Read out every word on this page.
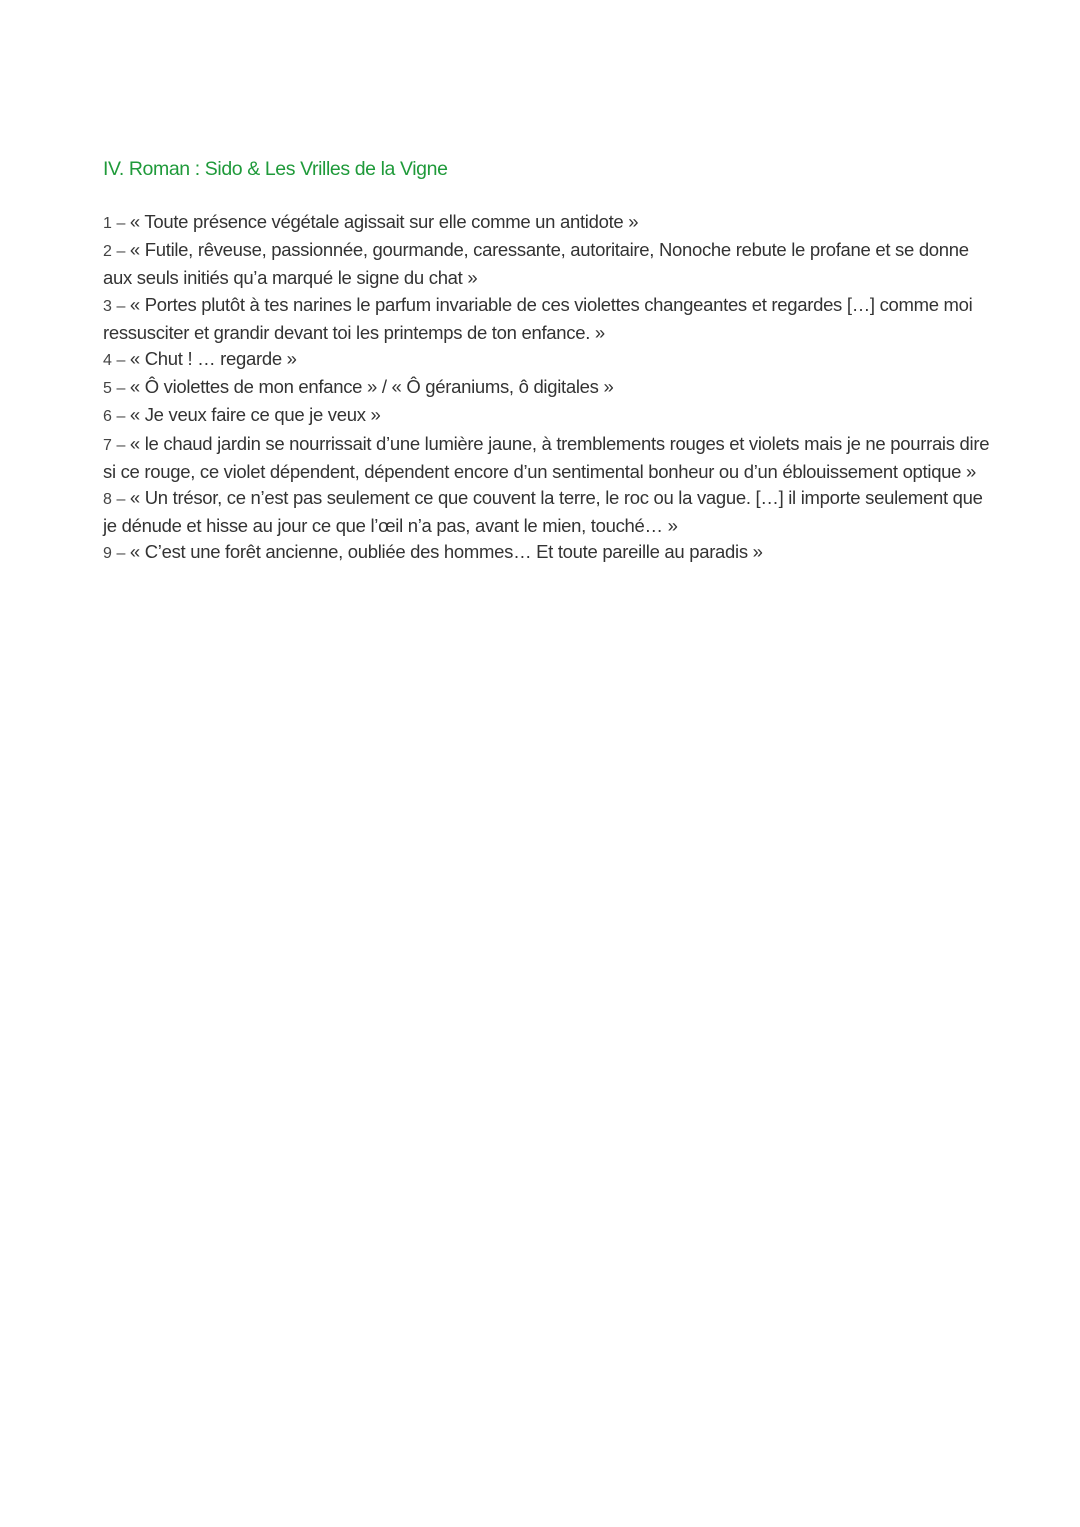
IV. Roman : Sido & Les Vrilles de la Vigne
1 – « Toute présence végétale agissait sur elle comme un antidote »
2 – « Futile, rêveuse, passionnée, gourmande, caressante, autoritaire, Nonoche rebute le profane et se donne aux seuls initiés qu’a marqué le signe du chat »
3 – « Portes plutôt à tes narines le parfum invariable de ces violettes changeantes et regardes […] comme moi ressusciter et grandir devant toi les printemps de ton enfance. »
4 – « Chut ! … regarde »
5 – « Ô violettes de mon enfance » / « Ô géraniums, ô digitales »
6 – « Je veux faire ce que je veux »
7 – « le chaud jardin se nourrissait d’une lumière jaune, à tremblements rouges et violets mais je ne pourrais dire si ce rouge, ce violet dépendent, dépendent encore d’un sentimental bonheur ou d’un éblouissement optique »
8 – « Un trésor, ce n’est pas seulement ce que couvent la terre, le roc ou la vague. […] il importe seulement que je dénude et hisse au jour ce que l’œil n’a pas, avant le mien, touché… »
9 – « C’est une forêt ancienne, oubliée des hommes… Et toute pareille au paradis »
